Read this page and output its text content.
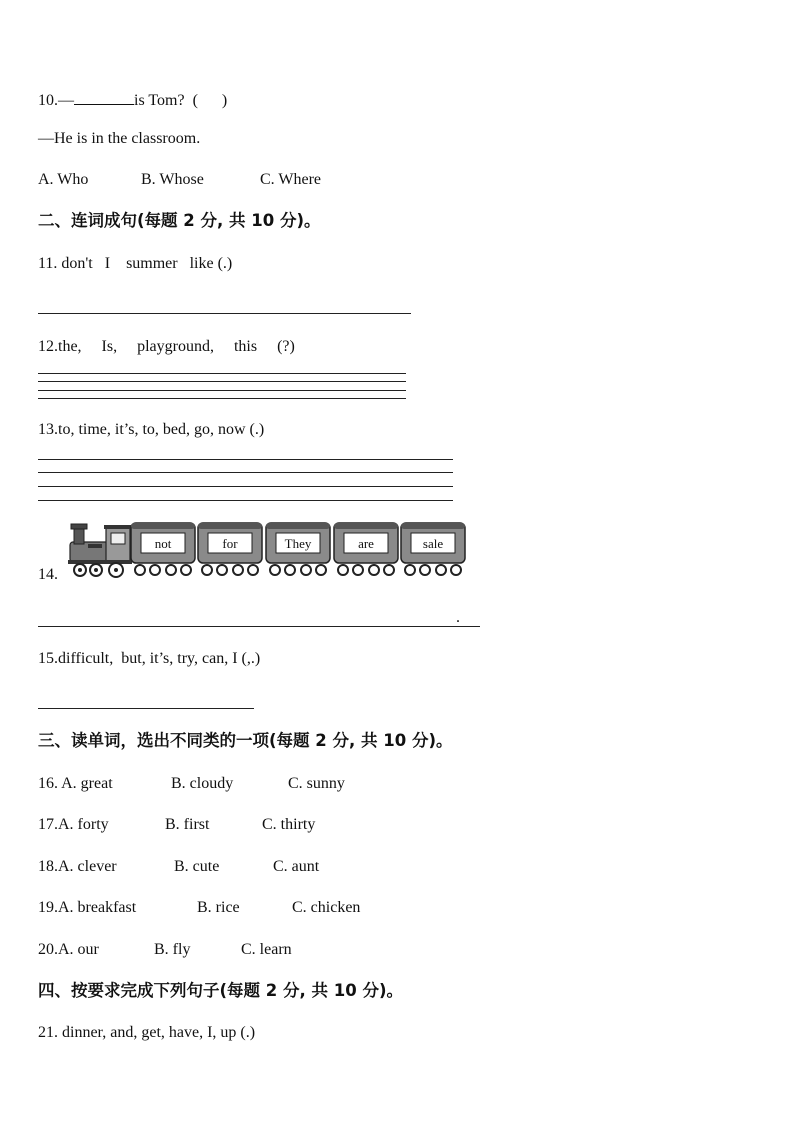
10.—	is Tom?  (      )
—He is in the classroom.
A. Who	B. Whose	C. Where
二、连词成句(每题 2 分, 共 10 分)。
11. don't   I    summer   like (.)
12.the,     Is,     playground,     this     (?)
13.to, time, it’s, to, bed, go, now (.)
14.
not	for	They	are	sale
.
15.difficult,  but, it’s, try, can, I (,.)
三、读单词，选出不同类的一项(每题 2 分, 共 10 分)。
16. A. great	B. cloudy	C. sunny
17.A. forty	B. first	C. thirty
18.A. clever	B. cute	C. aunt
19.A. breakfast	B. rice	C. chicken
20.A. our	B. fly	C. learn
四、按要求完成下列句子(每题 2 分, 共 10 分)。
21. dinner, and, get, have, I, up (.)
